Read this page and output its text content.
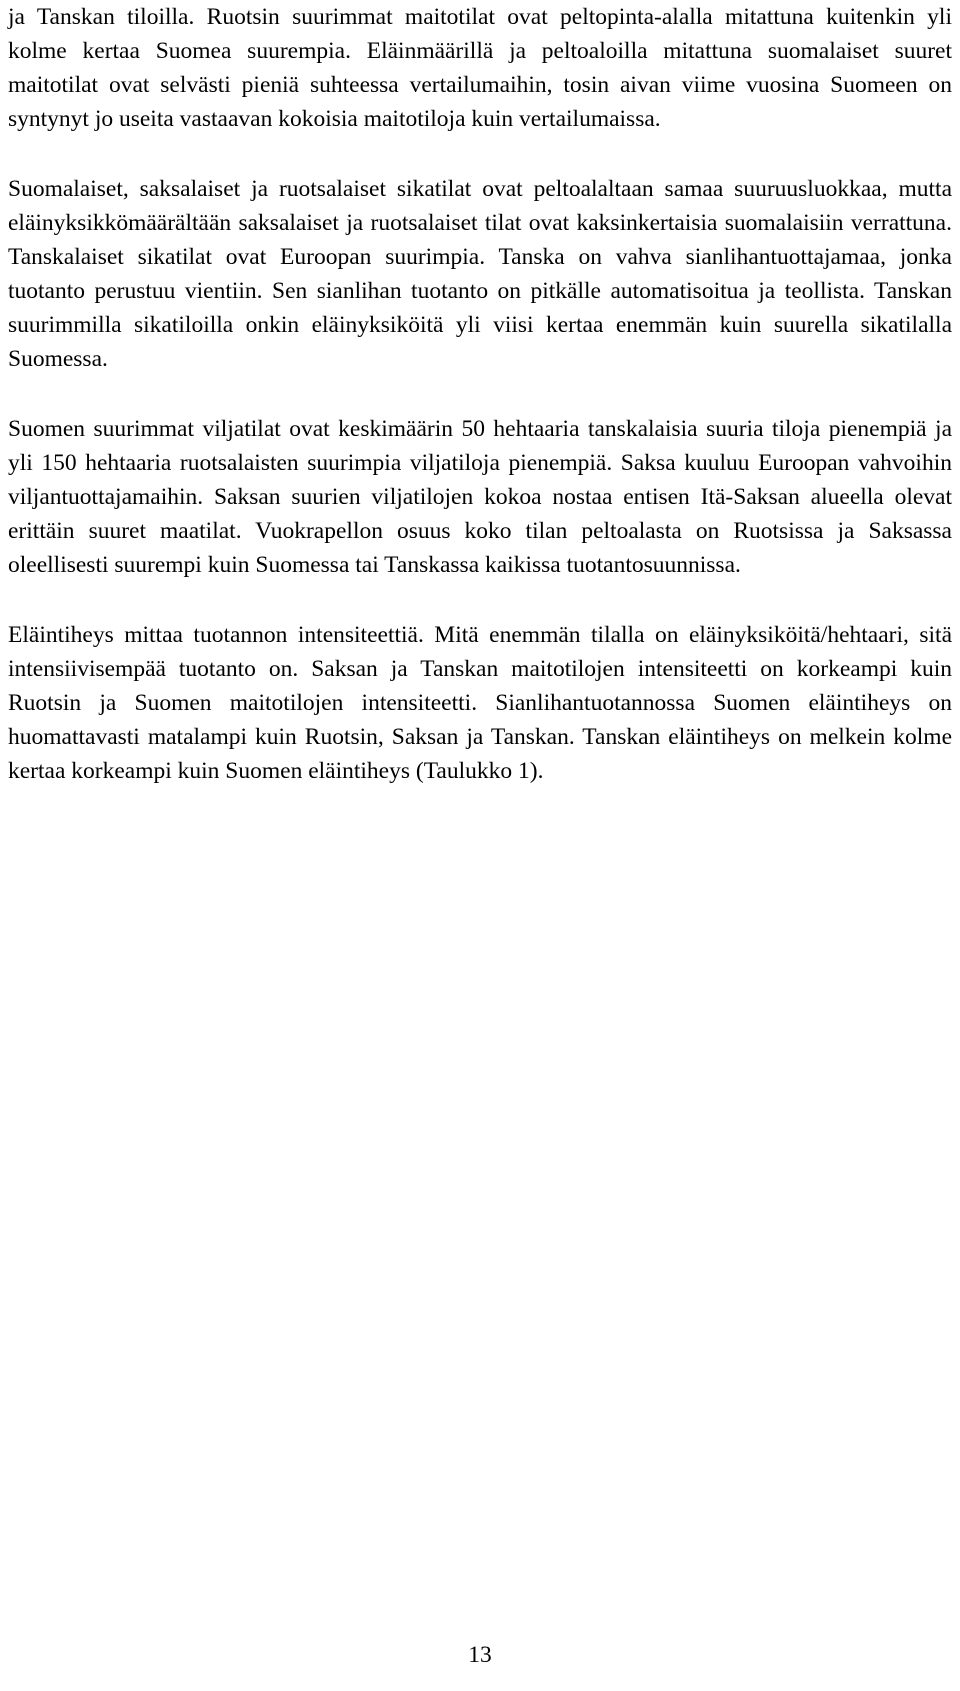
ja Tanskan tiloilla. Ruotsin suurimmat maitotilat ovat peltopinta-alalla mitattuna kuitenkin yli kolme kertaa Suomea suurempia. Eläinmäärillä ja peltoaloilla mitattuna suomalaiset suuret maitotilat ovat selvästi pieniä suhteessa vertailumaihin, tosin aivan viime vuosina Suomeen on syntynyt jo useita vastaavan kokoisia maitotiloja kuin vertailumaissa.

Suomalaiset, saksalaiset ja ruotsalaiset sikatilat ovat peltoalaltaan samaa suuruusluokkaa, mutta eläinyksikkömäärältään saksalaiset ja ruotsalaiset tilat ovat kaksinkertaisia suomalaisiin verrattuna. Tanskalaiset sikatilat ovat Euroopan suurimpia. Tanska on vahva sianlihantuottajamaa, jonka tuotanto perustuu vientiin. Sen sianlihan tuotanto on pitkälle automatisoitua ja teollista. Tanskan suurimmilla sikatiloilla onkin eläinyksiköitä yli viisi kertaa enemmän kuin suurella sikatilalla Suomessa.

Suomen suurimmat viljatilat ovat keskimäärin 50 hehtaaria tanskalaisia suuria tiloja pienempiä ja yli 150 hehtaaria ruotsalaisten suurimpia viljatiloja pienempiä. Saksa kuuluu Euroopan vahvoihin viljantuottajamaihin. Saksan suurien viljatilojen kokoa nostaa entisen Itä-Saksan alueella olevat erittäin suuret maatilat. Vuokrapellon osuus koko tilan peltoalasta on Ruotsissa ja Saksassa oleellisesti suurempi kuin Suomessa tai Tanskassa kaikissa tuotantosuunnissa.

Eläintiheys mittaa tuotannon intensiteettiä. Mitä enemmän tilalla on eläinyksiköitä/hehtaari, sitä intensiivisempää tuotanto on. Saksan ja Tanskan maitotilojen intensiteetti on korkeampi kuin Ruotsin ja Suomen maitotilojen intensiteetti. Sianlihantuotannossa Suomen eläintiheys on huomattavasti matalampi kuin Ruotsin, Saksan ja Tanskan. Tanskan eläintiheys on melkein kolme kertaa korkeampi kuin Suomen eläintiheys (Taulukko 1).

13
